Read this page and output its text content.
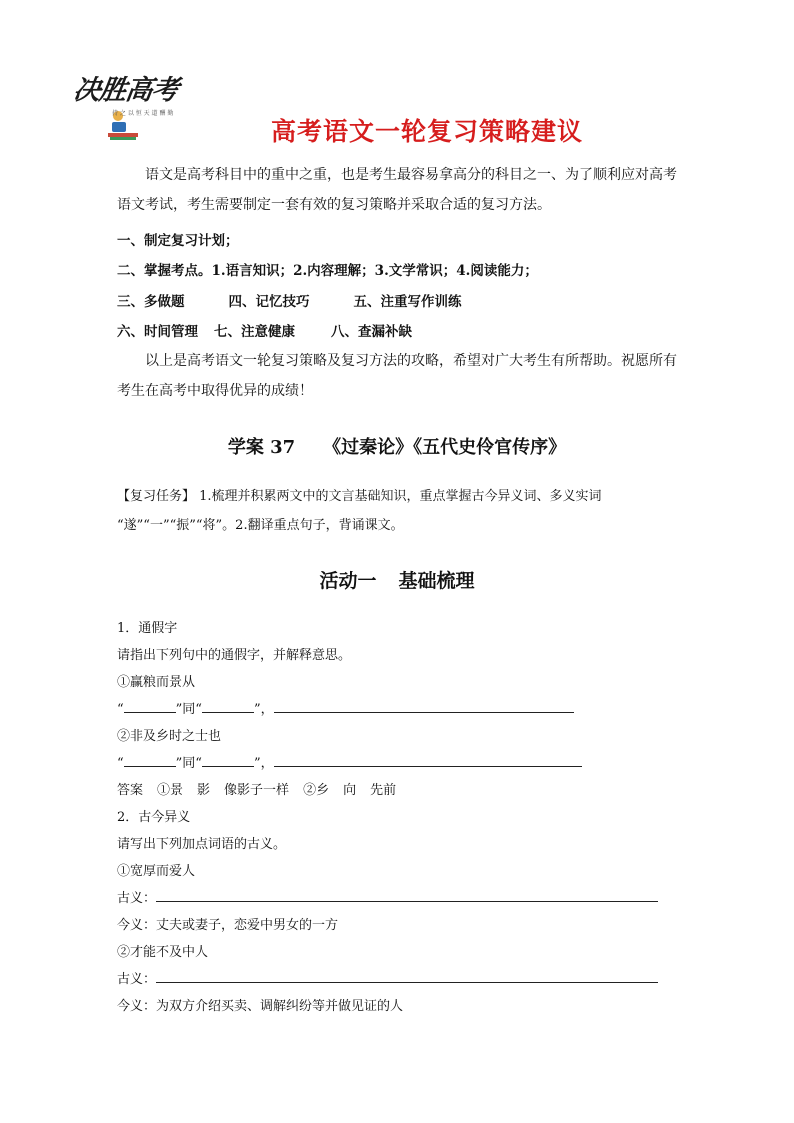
决胜高考
持 之 以 恒 天 道 酬 勤
高考语文一轮复习策略建议
语文是高考科目中的重中之重，也是考生最容易拿高分的科目之一、为了顺利应对高考语文考试，考生需要制定一套有效的复习策略并采取合适的复习方法。
一、制定复习计划；
二、掌握考点。1.语言知识；2.内容理解；3.文学常识；4.阅读能力；
三、多做题	四、记忆技巧	五、注重写作训练
六、时间管理 七、注意健康	八、查漏补缺
以上是高考语文一轮复习策略及复习方法的攻略，希望对广大考生有所帮助。祝愿所有考生在高考中取得优异的成绩！
学案 37 《过秦论》《五代史伶官传序》
【复习任务】 1.梳理并积累两文中的文言基础知识，重点掌握古今异义词、多义实词
“遂”“一”“振”“将”。2.翻译重点句子，背诵课文。
活动一 基础梳理
1．通假字
请指出下列句中的通假字，并解释意思。
①赢粮而景从
“	”同“	”，
②非及乡时之士也
“	”同“	”，
答案 ①景 影 像影子一样 ②乡 向 先前
2．古今异义
请写出下列加点词语的古义。
①宽厚而爱人
古义：
今义：丈夫或妻子，恋爱中男女的一方
②才能不及中人
古义：
今义：为双方介绍买卖、调解纠纷等并做见证的人
